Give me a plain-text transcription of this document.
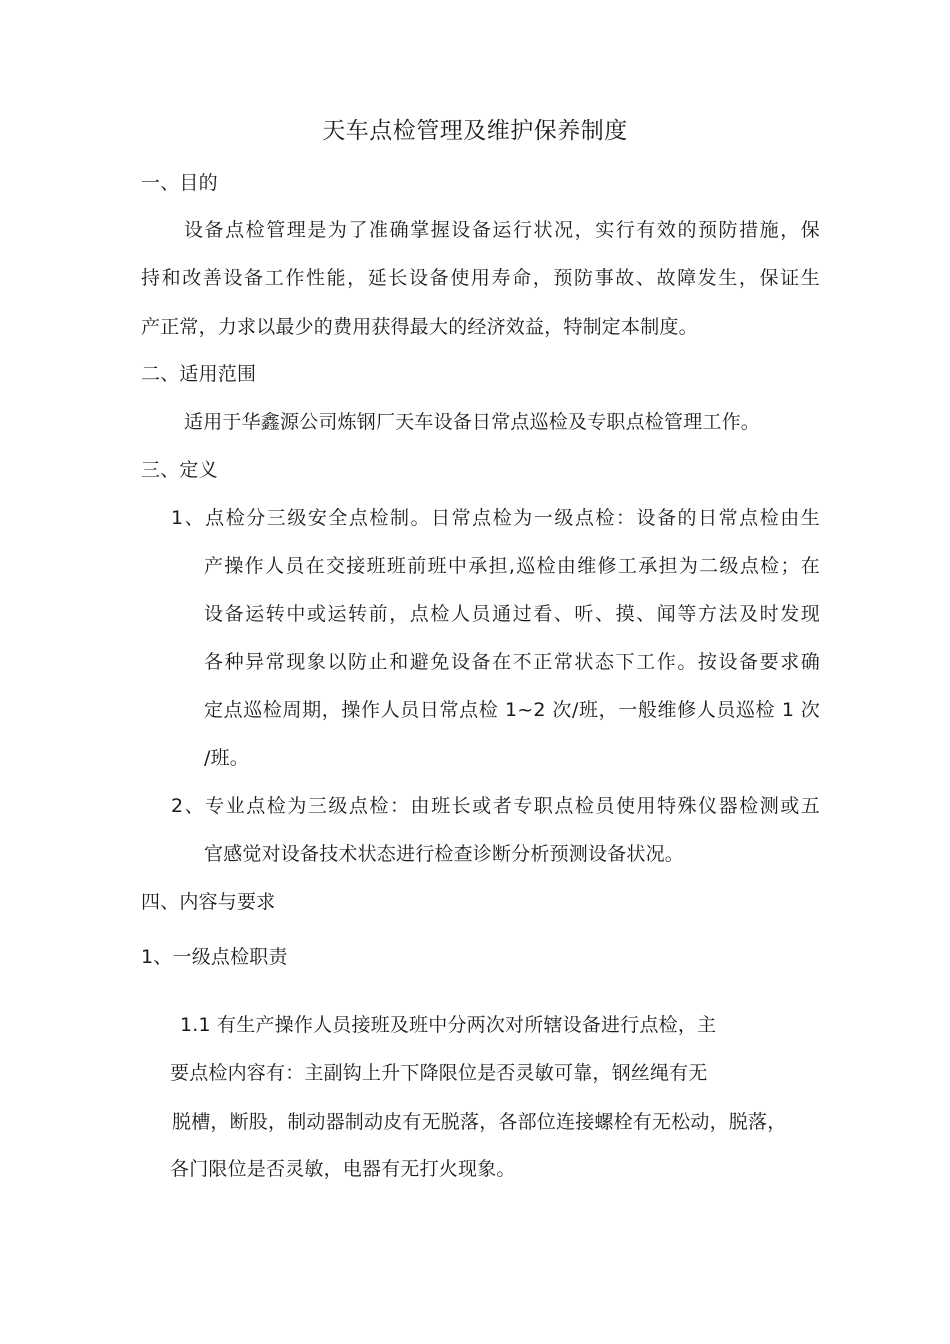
天车点检管理及维护保养制度
一、目的
设备点检管理是为了准确掌握设备运行状况，实行有效的预防措施，保
持和改善设备工作性能，延长设备使用寿命，预防事故、故障发生，保证生
产正常，力求以最少的费用获得最大的经济效益，特制定本制度。
二、适用范围
适用于华鑫源公司炼钢厂天车设备日常点巡检及专职点检管理工作。
三、定义
1、点检分三级安全点检制。日常点检为一级点检：设备的日常点检由生
产操作人员在交接班班前班中承担,巡检由维修工承担为二级点检；在
设备运转中或运转前，点检人员通过看、听、摸、闻等方法及时发现
各种异常现象以防止和避免设备在不正常状态下工作。按设备要求确
定点巡检周期，操作人员日常点检 1~2 次/班，一般维修人员巡检 1 次
/班。
2、专业点检为三级点检：由班长或者专职点检员使用特殊仪器检测或五
官感觉对设备技术状态进行检查诊断分析预测设备状况。
四、内容与要求
1、一级点检职责
1.1 有生产操作人员接班及班中分两次对所辖设备进行点检，主
要点检内容有：主副钩上升下降限位是否灵敏可靠，钢丝绳有无
脱槽，断股，制动器制动皮有无脱落，各部位连接螺栓有无松动，脱落，
各门限位是否灵敏，电器有无打火现象。
